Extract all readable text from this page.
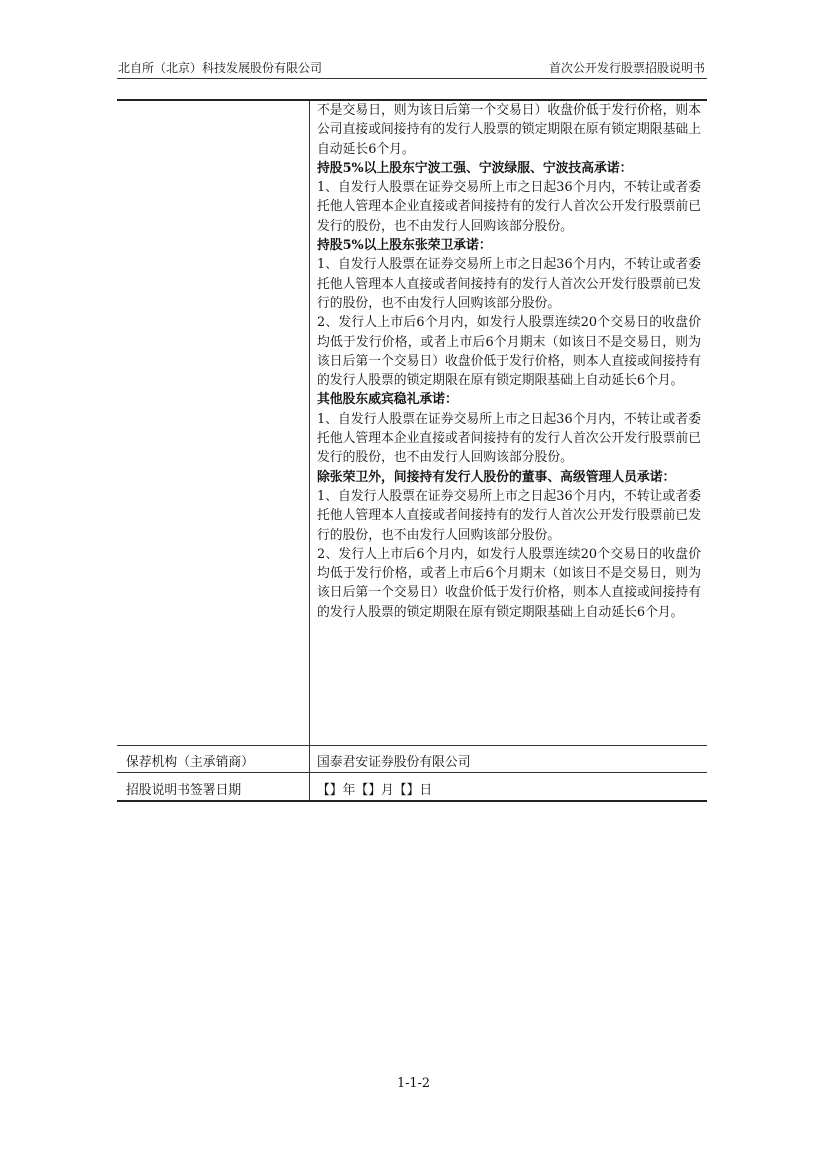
北自所（北京）科技发展股份有限公司	首次公开发行股票招股说明书

不是交易日，则为该日后第一个交易日）收盘价低于发行价格，则本公司直接或间接持有的发行人股票的锁定期限在原有锁定期限基础上自动延长6个月。

持股5%以上股东宁波工强、宁波绿服、宁波技高承诺：

1、自发行人股票在证券交易所上市之日起36个月内，不转让或者委托他人管理本企业直接或者间接持有的发行人首次公开发行股票前已发行的股份，也不由发行人回购该部分股份。

持股5%以上股东张荣卫承诺：

1、自发行人股票在证券交易所上市之日起36个月内，不转让或者委托他人管理本人直接或者间接持有的发行人首次公开发行股票前已发行的股份，也不由发行人回购该部分股份。

2、发行人上市后6个月内，如发行人股票连续20个交易日的收盘价均低于发行价格，或者上市后6个月期末（如该日不是交易日，则为该日后第一个交易日）收盘价低于发行价格，则本人直接或间接持有的发行人股票的锁定期限在原有锁定期限基础上自动延长6个月。

其他股东威宾稳礼承诺：

1、自发行人股票在证券交易所上市之日起36个月内，不转让或者委托他人管理本企业直接或者间接持有的发行人首次公开发行股票前已发行的股份，也不由发行人回购该部分股份。

除张荣卫外，间接持有发行人股份的董事、高级管理人员承诺：

1、自发行人股票在证券交易所上市之日起36个月内，不转让或者委托他人管理本人直接或者间接持有的发行人首次公开发行股票前已发行的股份，也不由发行人回购该部分股份。

2、发行人上市后6个月内，如发行人股票连续20个交易日的收盘价均低于发行价格，或者上市后6个月期末（如该日不是交易日，则为该日后第一个交易日）收盘价低于发行价格，则本人直接或间接持有的发行人股票的锁定期限在原有锁定期限基础上自动延长6个月。

保荐机构（主承销商）	国泰君安证券股份有限公司
招股说明书签署日期	【】年【】月【】日
1-1-2
